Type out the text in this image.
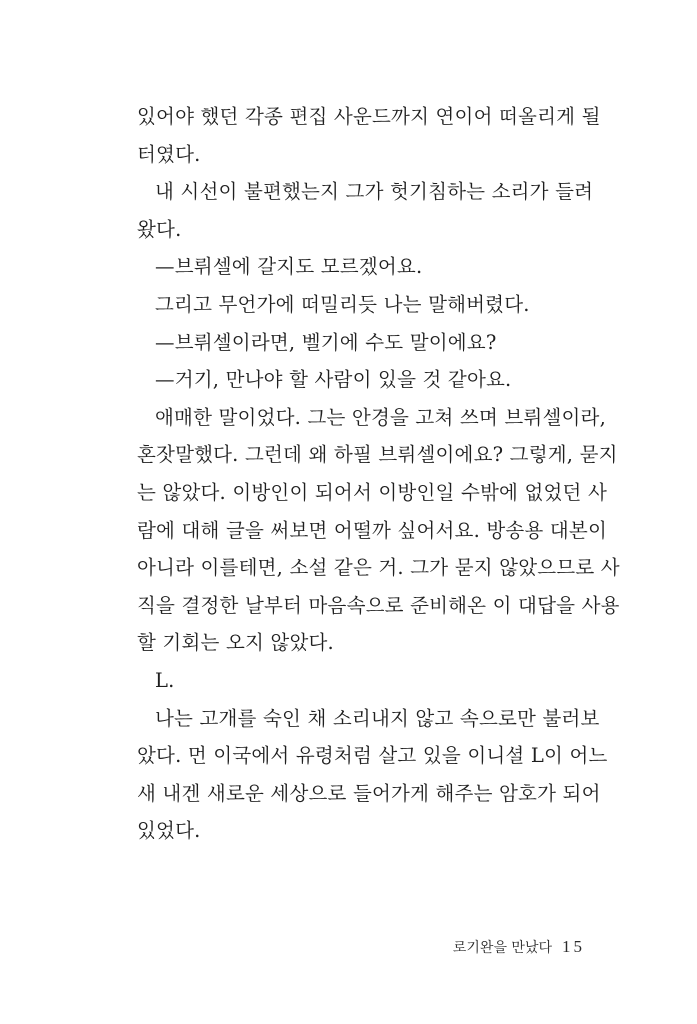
있어야 했던 각종 편집 사운드까지 연이어 떠올리게 될
터였다.
내 시선이 불편했는지 그가 헛기침하는 소리가 들려
왔다.
—브뤼셀에 갈지도 모르겠어요.
그리고 무언가에 떠밀리듯 나는 말해버렸다.
—브뤼셀이라면, 벨기에 수도 말이에요?
—거기, 만나야 할 사람이 있을 것 같아요.
애매한 말이었다. 그는 안경을 고쳐 쓰며 브뤼셀이라,
혼잣말했다. 그런데 왜 하필 브뤼셀이에요? 그렇게, 묻지
는 않았다. 이방인이 되어서 이방인일 수밖에 없었던 사
람에 대해 글을 써보면 어떨까 싶어서요. 방송용 대본이
아니라 이를테면, 소설 같은 거. 그가 묻지 않았으므로 사
직을 결정한 날부터 마음속으로 준비해온 이 대답을 사용
할 기회는 오지 않았다.
L.
나는 고개를 숙인 채 소리내지 않고 속으로만 불러보
았다. 먼 이국에서 유령처럼 살고 있을 이니셜 L이 어느
새 내겐 새로운 세상으로 들어가게 해주는 암호가 되어
있었다.
로기완을 만났다 15
